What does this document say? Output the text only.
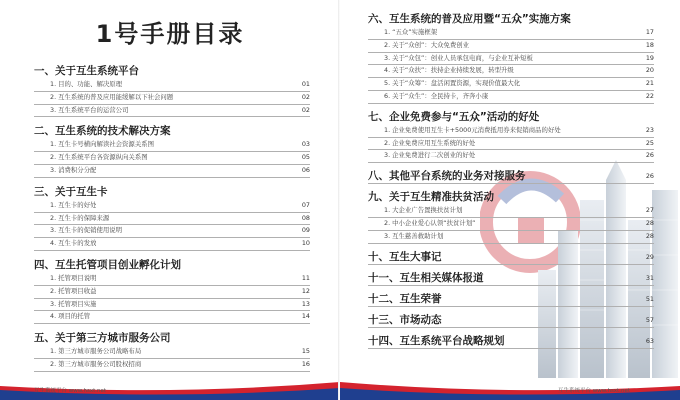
1号手册目录
一、关于互生系统平台
1. 目的、功能、解决原理	01
2. 互生系统的普及应用能缓解以下社会问题	02
3. 互生系统平台的运营公司	02
二、互生系统的技术解决方案
1. 互生卡号横向解读社会资源关系图	03
2. 互生系统平台各资源纵向关系图	05
3. 消费积分分配	06
三、关于互生卡
1. 互生卡的好处	07
2. 互生卡的保障来源	08
3. 互生卡的促销使用说明	09
4. 互生卡的发放	10
四、互生托管项目创业孵化计划
1. 托管项目说明	11
2. 托管项目收益	12
3. 托管项目实施	13
4. 项目的托管	14
五、关于第三方城市服务公司
1. 第三方城市服务公司战略布局	15
2. 第三方城市服务公司股权招商	16
互生系统平台 www.hsxt.net
六、互生系统的普及应用暨“五众”实施方案
1. “五众”实施框架	17
2. 关于“众创”：大众免费创业	18
3. 关于“众包”：创业人员承包电商，与企业互补短板	19
4. 关于“众扶”：扶持企业持续发展，转型升级	20
5. 关于“众筹”：盘活闲置资源，实现价值最大化	21
6. 关于“众生”：全民持卡，齐奔小康	22
七、企业免费参与“五众”活动的好处
1. 企业免费使用互生卡+5000元消费抵用券来促销商品的好处	23
2. 企业免费应用互生系统的好处	25
3. 企业免费进行二次创业的好处	26
八、其他平台系统的业务对接服务	26
九、关于互生精准扶贫活动
1. 大企业广告置换扶贫计划	27
2. 中小企业爱心认领“扶贫计划”	28
3. 互生慈善救助计划	28
十、互生大事记	29
十一、互生相关媒体报道	31
十二、互生荣誉	51
十三、市场动态	57
十四、互生系统平台战略规划	63
互生系统平台 www.hsxt.net
